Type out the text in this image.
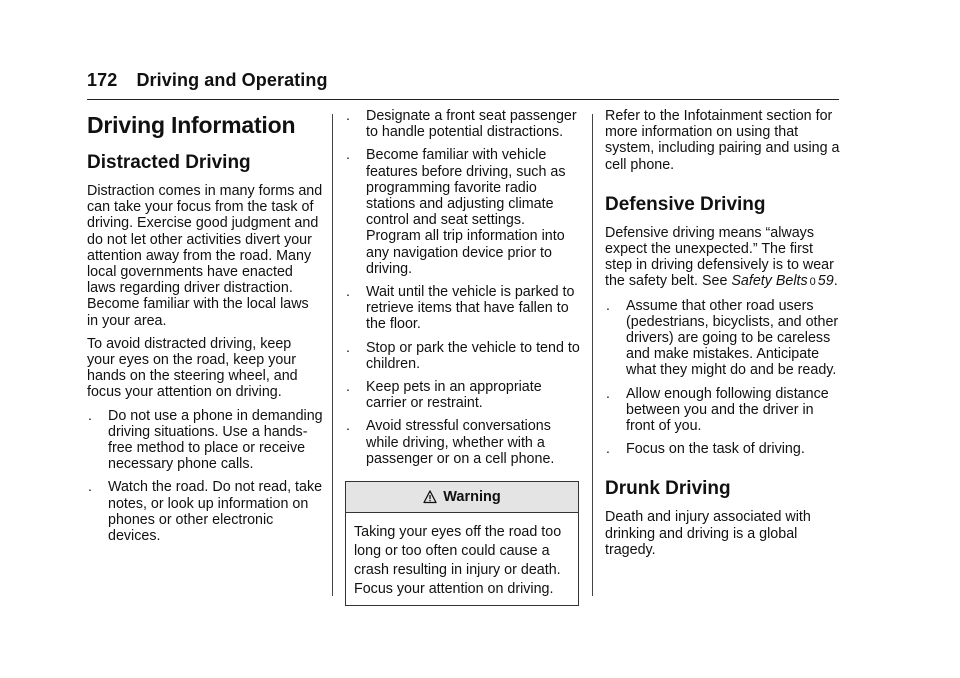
172 Driving and Operating
Driving Information
Distracted Driving

Distraction comes in many forms and can take your focus from the task of driving. Exercise good judgment and do not let other activities divert your attention away from the road. Many local governments have enacted laws regarding driver distraction. Become familiar with the local laws in your area.

To avoid distracted driving, keep your eyes on the road, keep your hands on the steering wheel, and focus your attention on driving.

. Do not use a phone in demanding driving situations. Use a hands-free method to place or receive necessary phone calls.
. Watch the road. Do not read, take notes, or look up information on phones or other electronic devices.
. Designate a front seat passenger to handle potential distractions.
. Become familiar with vehicle features before driving, such as programming favorite radio stations and adjusting climate control and seat settings. Program all trip information into any navigation device prior to driving.
. Wait until the vehicle is parked to retrieve items that have fallen to the floor.
. Stop or park the vehicle to tend to children.
. Keep pets in an appropriate carrier or restraint.
. Avoid stressful conversations while driving, whether with a passenger or on a cell phone.
Warning
Taking your eyes off the road too long or too often could cause a crash resulting in injury or death. Focus your attention on driving.

Refer to the Infotainment section for more information on using that system, including pairing and using a cell phone.

Defensive Driving

Defensive driving means “always expect the unexpected.” The first step in driving defensively is to wear the safety belt. See Safety Belts 0 59.

. Assume that other road users (pedestrians, bicyclists, and other drivers) are going to be careless and make mistakes. Anticipate what they might do and be ready.
. Allow enough following distance between you and the driver in front of you.
. Focus on the task of driving.
Drunk Driving

Death and injury associated with drinking and driving is a global tragedy.
